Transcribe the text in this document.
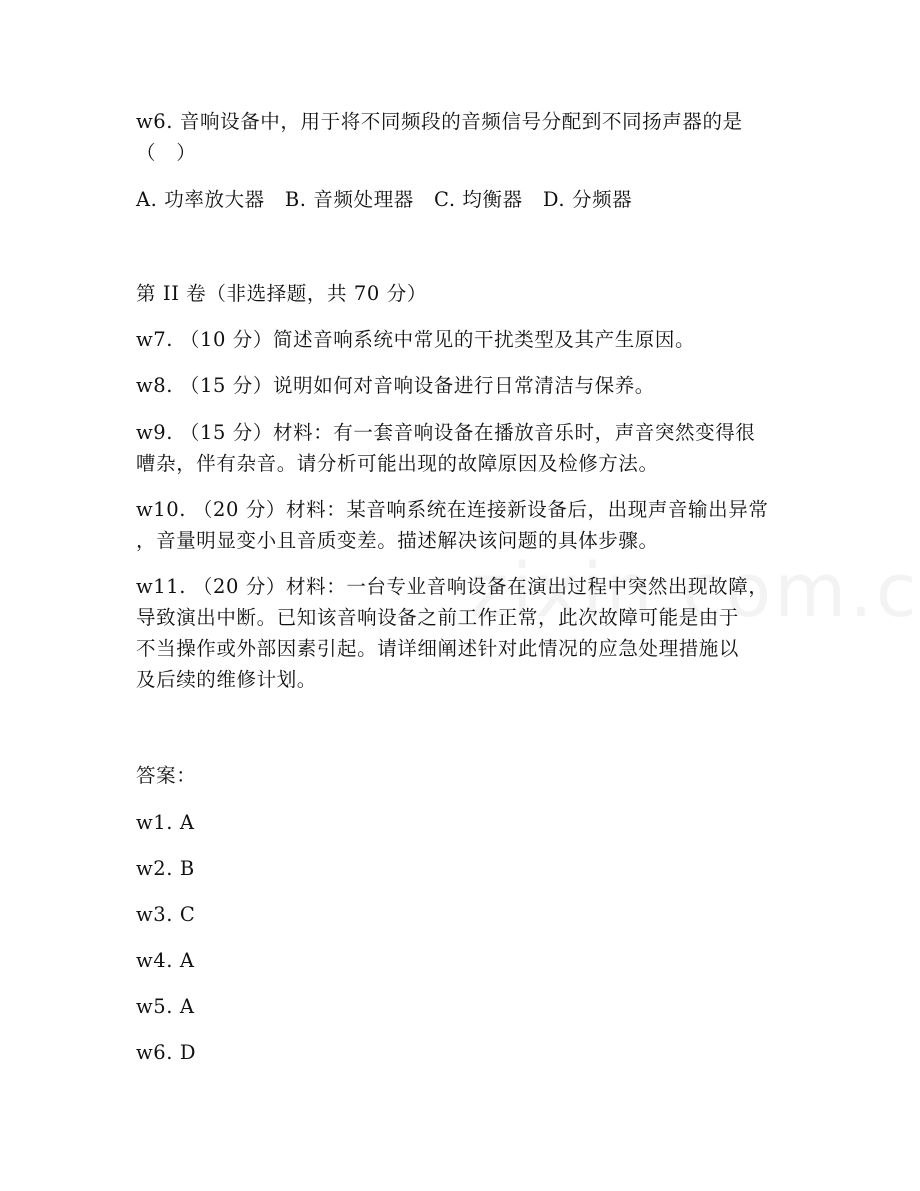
w6. 音响设备中，用于将不同频段的音频信号分配到不同扬声器的是
（　）
A. 功率放大器　B. 音频处理器　C. 均衡器　D. 分频器
第 II 卷（非选择题，共 70 分）
w7. （10 分）简述音响系统中常见的干扰类型及其产生原因。
w8. （15 分）说明如何对音响设备进行日常清洁与保养。
w9. （15 分）材料：有一套音响设备在播放音乐时，声音突然变得很
嘈杂，伴有杂音。请分析可能出现的故障原因及检修方法。
w10. （20 分）材料：某音响系统在连接新设备后，出现声音输出异常
，音量明显变小且音质变差。描述解决该问题的具体步骤。
w11. （20 分）材料：一台专业音响设备在演出过程中突然出现故障，
导致演出中断。已知该音响设备之前工作正常，此次故障可能是由于
不当操作或外部因素引起。请详细阐述针对此情况的应急处理措施以
及后续的维修计划。
答案：
w1. A
w2. B
w3. C
w4. A
w5. A
w6. D
